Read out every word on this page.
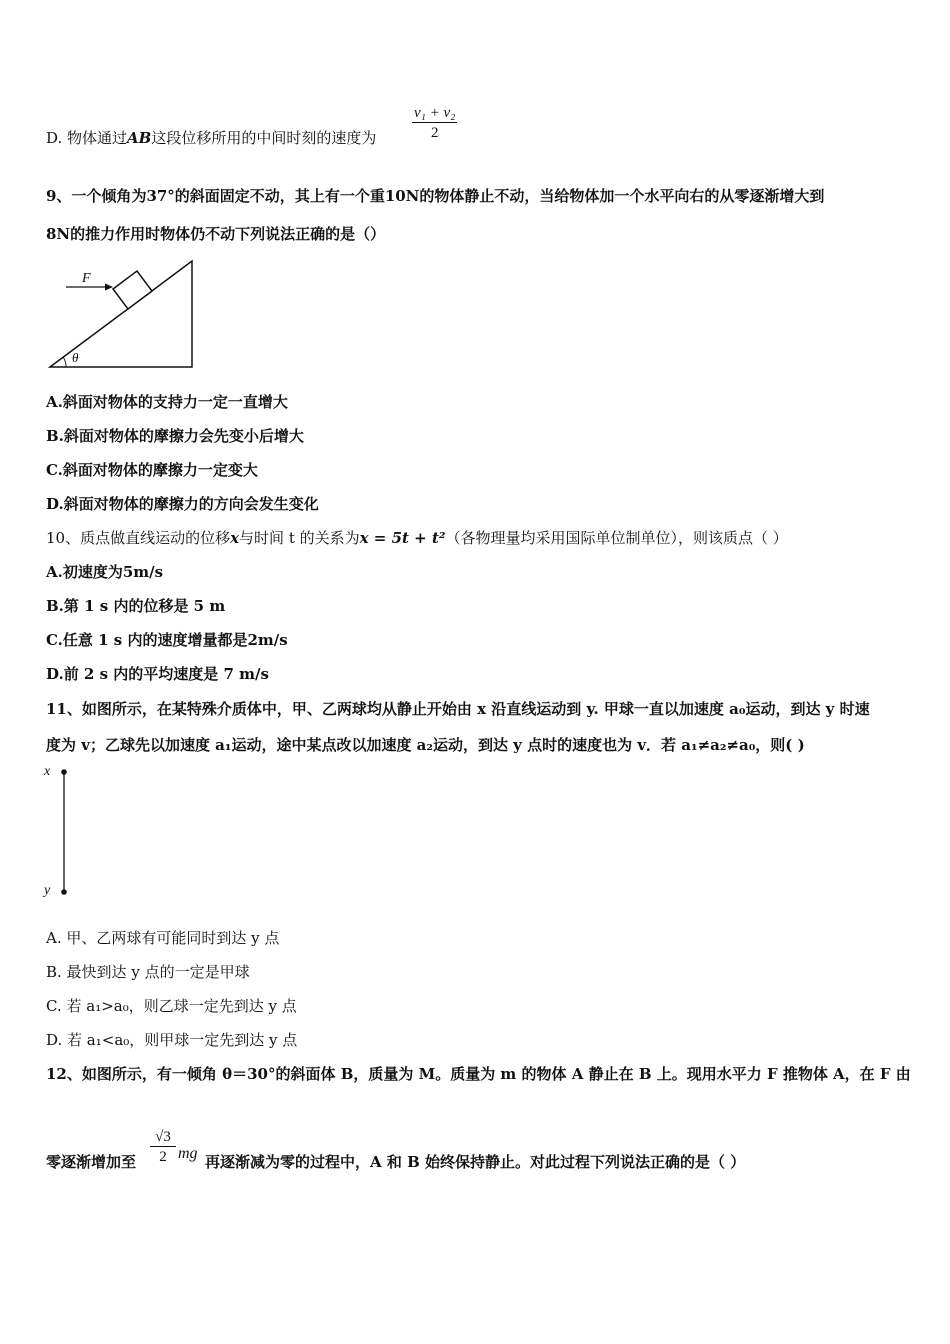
D. 物体通过AB这段位移所用的中间时刻的速度为
v₁ + v₂
2
9、一个倾角为37°的斜面固定不动，其上有一个重10N的物体静止不动，当给物体加一个水平向右的从零逐渐增大到
8N的推力作用时物体仍不动下列说法正确的是（）
F
θ
A.斜面对物体的支持力一定一直增大
B.斜面对物体的摩擦力会先变小后增大
C.斜面对物体的摩擦力一定变大
D.斜面对物体的摩擦力的方向会发生变化
10、质点做直线运动的位移x与时间 t 的关系为x = 5t + t²（各物理量均采用国际单位制单位），则该质点（ ）
A.初速度为5m/s
B.第 1 s 内的位移是 5 m
C.任意 1 s 内的速度增量都是2m/s
D.前 2 s 内的平均速度是 7 m/s
11、如图所示，在某特殊介质体中，甲、乙两球均从静止开始由 x 沿直线运动到 y. 甲球一直以加速度 a₀运动，到达 y 时速
度为 v；乙球先以加速度 a₁运动，途中某点改以加速度 a₂运动，到达 y 点时的速度也为 v．若 a₁≠a₂≠a₀，则( )
x
y
A. 甲、乙两球有可能同时到达 y 点
B. 最快到达 y 点的一定是甲球
C. 若 a₁>a₀，则乙球一定先到达 y 点
D. 若 a₁<a₀，则甲球一定先到达 y 点
12、如图所示，有一倾角 θ＝30°的斜面体 B，质量为 M。质量为 m 的物体 A 静止在 B 上。现用水平力 F 推物体 A，在 F 由
零逐渐增加至
√3
2 mg 再逐渐减为零的过程中，A 和 B 始终保持静止。对此过程下列说法正确的是（ ）
